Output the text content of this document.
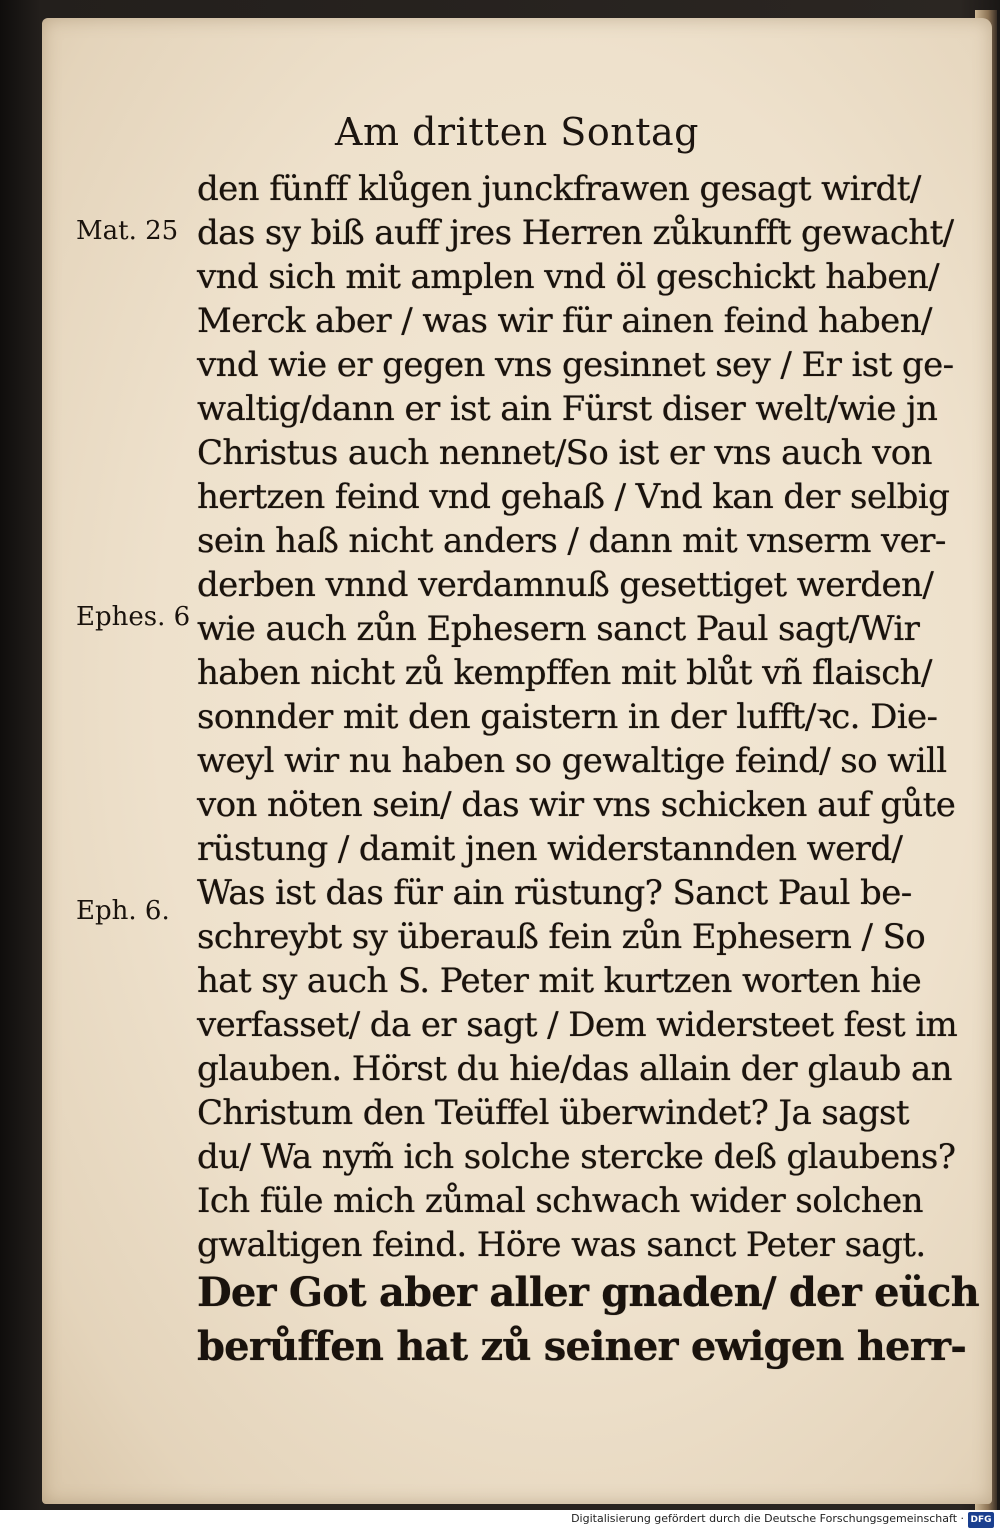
Am dritten Sontag
Mat. 25
Ephes. 6
Eph. 6.
den fünff klůgen junckfrawen gesagt wirdt/
das sy biß auff jres Herren zůkunfft gewacht/
vnd sich mit amplen vnd öl geschickt haben/
Merck aber / was wir für ainen feind haben/
vnd wie er gegen vns gesinnet sey / Er ist ge-
waltig/dann er ist ain Fürst diser welt/wie jn
Christus auch nennet/So ist er vns auch von
hertzen feind vnd gehaß / Vnd kan der selbig
sein haß nicht anders / dann mit vnserm ver-
derben vnnd verdamnuß gesettiget werden/
wie auch zůn Ephesern sanct Paul sagt/Wir
haben nicht zů kempffen mit blůt vñ flaisch/
sonnder mit den gaistern in der lufft/ꝛc. Die-
weyl wir nu haben so gewaltige feind/ so will
von nöten sein/ das wir vns schicken auf gůte
rüstung / damit jnen widerstannden werd/
Was ist das für ain rüstung? Sanct Paul be-
schreybt sy überauß fein zůn Ephesern / So
hat sy auch S. Peter mit kurtzen worten hie
verfasset/ da er sagt / Dem widersteet fest im
glauben. Hörst du hie/das allain der glaub an
Christum den Teüffel überwindet? Ja sagst
du/ Wa nym̃ ich solche stercke deß glaubens?
Ich füle mich zůmal schwach wider solchen
gwaltigen feind. Höre was sanct Peter sagt.
Der Got aber aller gnaden/ der eüch
berůffen hat zů seiner ewigen herr-
Digitalisierung gefördert durch die Deutsche Forschungsgemeinschaft · DFG
